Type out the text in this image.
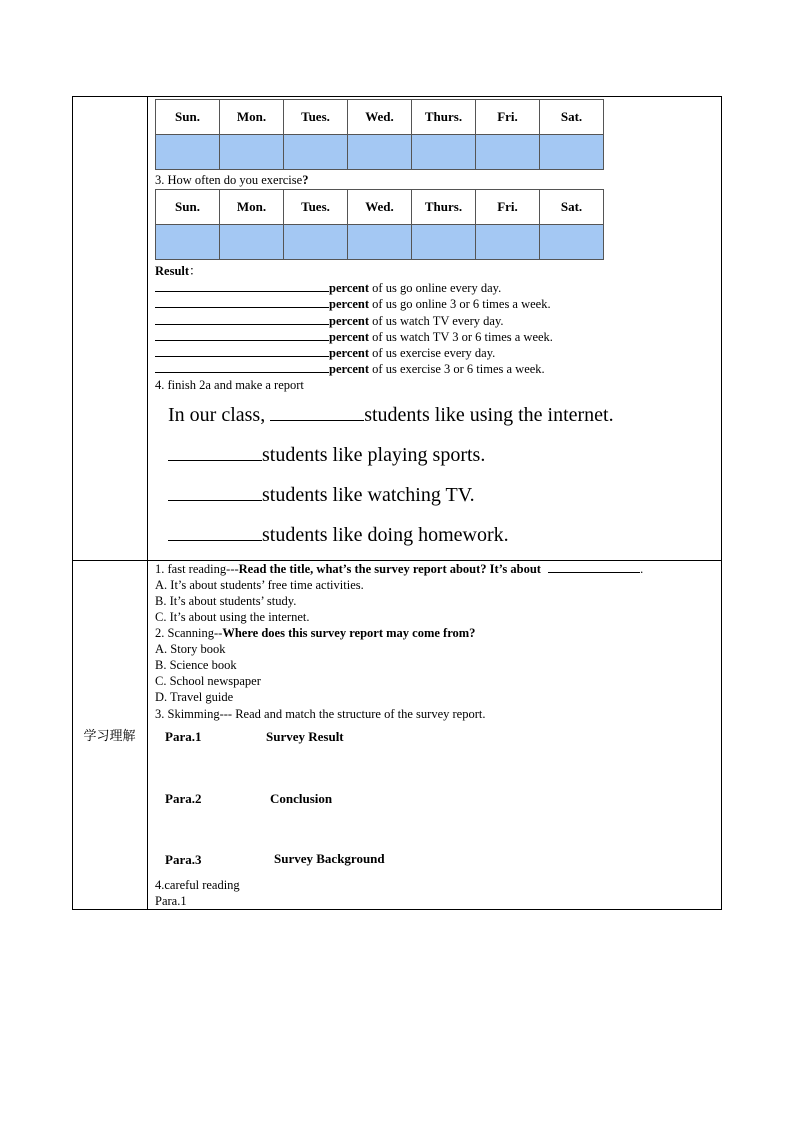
Sun.	Mon.	Tues.	Wed.	Thurs.	Fri.	Sat.

3. How often do you exercise?
Sun.	Mon.	Tues.	Wed.	Thurs.	Fri.	Sat.

Result：
percent of us go online every day.
percent of us go online 3 or 6 times a week.
percent of us watch TV every day.
percent of us watch TV 3 or 6 times a week.
percent of us exercise every day.
percent of us exercise 3 or 6 times a week.
4. finish 2a and make a report
In our class,	students like using the internet.
students like playing sports.
students like watching TV.
students like doing homework.
学习理解
1. fast reading---Read the title, what’s the survey report about? It’s about	.
A. It’s about students’ free time activities.
B. It’s about students’ study.
C. It’s about using the internet.
2. Scanning--Where does this survey report may come from?
A. Story book
B. Science book
C. School newspaper
D. Travel guide
3. Skimming--- Read and match the structure of the survey report.
Para.1	Survey Result
Para.2	Conclusion
Para.3	Survey Background
4.careful reading
Para.1
